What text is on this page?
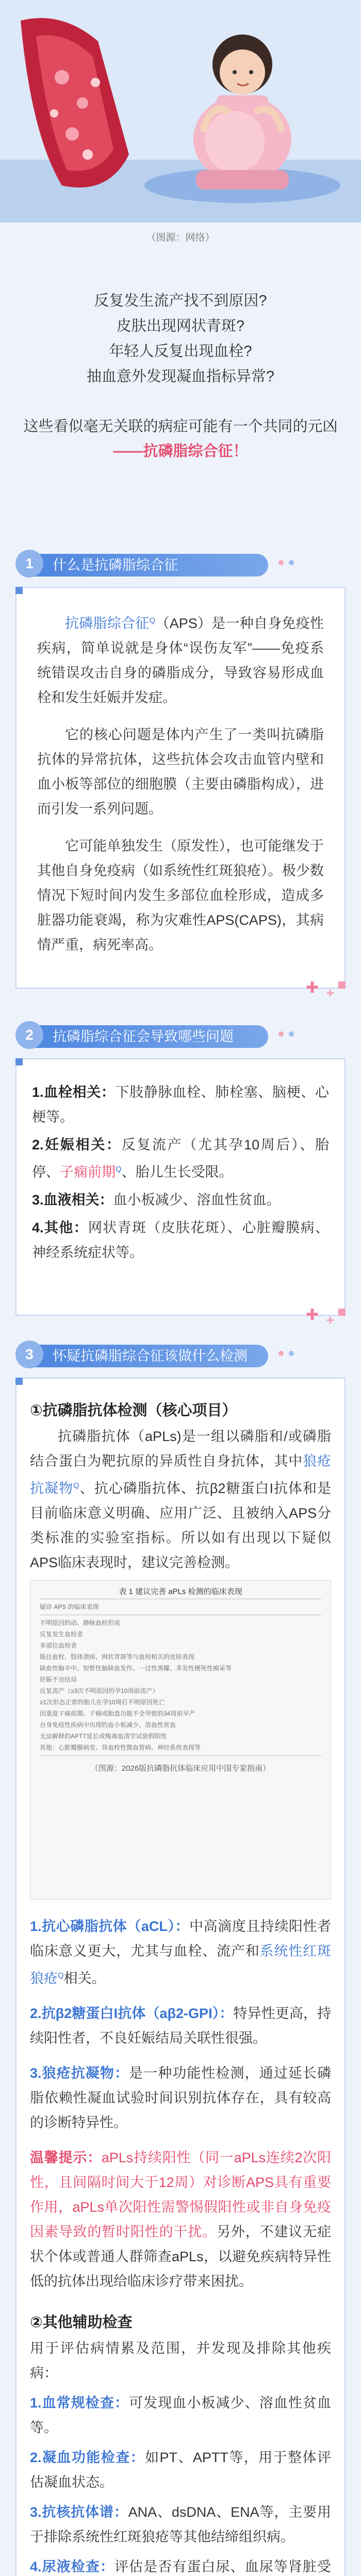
（图源：网络）
反复发生流产找不到原因?
皮肤出现网状青斑?
年轻人反复出现血栓?
抽血意外发现凝血指标异常?
这些看似毫无关联的病症可能有一个共同的元凶
——抗磷脂综合征！
什么是抗磷脂综合征
1
抗磷脂综合征$^Q$（APS）是一种自身免疫性疾病，简单说就是身体“误伤友军”——免疫系统错误攻击自身的磷脂成分，导致容易形成血栓和发生妊娠并发症。
它的核心问题是体内产生了一类叫抗磷脂抗体的异常抗体，这些抗体会攻击血管内壁和血小板等部位的细胞膜（主要由磷脂构成），进而引发一系列问题。
它可能单独发生（原发性），也可能继发于其他自身免疫病（如系统性红斑狼疮）。极少数情况下短时间内发生多部位血栓形成，造成多脏器功能衰竭，称为灾难性APS(CAPS)，其病情严重，病死率高。
✚ ✚
抗磷脂综合征会导致哪些问题
2
1.血栓相关：下肢静脉血栓、肺栓塞、脑梗、心梗等。
2.妊娠相关：反复流产（尤其孕10周后）、胎停、子痫前期$^Q$、胎儿生长受限。
3.血液相关：血小板减少、溶血性贫血。
4.其他：网状青斑（皮肤花斑）、心脏瓣膜病、神经系统症状等。
✚ ✚
怀疑抗磷脂综合征该做什么检测
3
①抗磷脂抗体检测（核心项目）
抗磷脂抗体（aPLs)是一组以磷脂和/或磷脂结合蛋白为靶抗原的异质性自身抗体，其中狼疮抗凝物$^Q$、抗心磷脂抗体、抗β2糖蛋白I抗体和是目前临床意义明确、应用广泛、且被纳入APS分类标准的实验室指标。所以如有出现以下疑似APS临床表现时，建议完善检测。
表 1 建议完善 aPLs 检测的临床表现
疑诊 APS 的临床表现
不明原因的动、静脉血栓形成
反复发生血栓者
多部位血栓者
既往血栓、肢体溃疡、网状青斑等与血栓相关的皮肤表现
缺血性脑卒中、短暂性脑缺血发作、一过性黑矇、多发性梗死性痴呆等
妊娠不良结局
反复流产（≥3次不明原因的孕10周前流产）
≥1次形态正常的胎儿在孕10周后不明原因死亡
因重度子痫前期、子痫或胎盘功能不全导致的34周前早产
自身免疫性疾病中出现的血小板减少、溶血性贫血
无法解释的APTT延长或梅毒血清学试验假阳性
其他：心脏瓣膜病变、肾血栓性微血管病、神经系统表现等
（图源：2026版抗磷脂抗体临床应用中国专家指南）
1.抗心磷脂抗体（aCL）：中高滴度且持续阳性者临床意义更大，尤其与血栓、流产和系统性红斑狼疮$^Q$相关。
2.抗β2糖蛋白I抗体（aβ2-GPI）：特异性更高，持续阳性者，不良妊娠结局关联性很强。
3.狼疮抗凝物：是一种功能性检测，通过延长磷脂依赖性凝血试验时间识别抗体存在，具有较高的诊断特异性。
温馨提示：aPLs持续阳性（同一aPLs连续2次阳性，且间隔时间大于12周）对诊断APS具有重要作用，aPLs单次阳性需警惕假阳性或非自身免疫因素导致的暂时阳性的干扰。另外，不建议无症状个体或普通人群筛查aPLs，以避免疾病特异性低的抗体出现给临床诊疗带来困扰。
②其他辅助检查
用于评估病情累及范围，并发现及排除其他疾病：
1.血常规检查：可发现血小板减少、溶血性贫血等。
2.凝血功能检查：如PT、APTT等，用于整体评估凝血状态。
3.抗核抗体谱：ANA、dsDNA、ENA等，主要用于排除系统性红斑狼疮等其他结缔组织病。
4.尿液检查：评估是否有蛋白尿、血尿等肾脏受
